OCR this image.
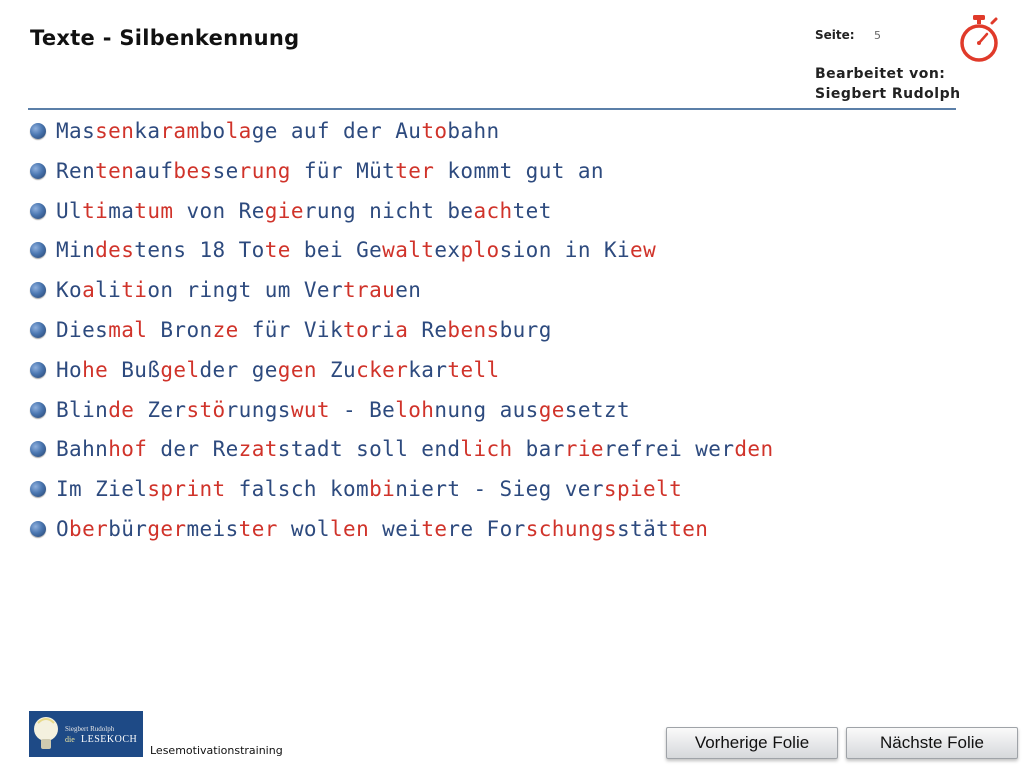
Texte - Silbenkennung	Seite: 5
Bearbeitet von:
Siegbert Rudolph
Massenkarambolage auf der Autobahn
Rentenaufbesserung für Mütter kommt gut an
Ultimatum von Regierung nicht beachtet
Mindestens 18 Tote bei Gewaltexplosion in Kiew
Koalition ringt um Vertrauen
Diesmal Bronze für Viktoria Rebensburg
Hohe Bußgelder gegen Zuckerkartell
Blinde Zerstörungswut - Belohnung ausgesetzt
Bahnhof der Rezatstadt soll endlich barrierefrei werden
Im Zielsprint falsch kombiniert - Sieg verspielt
Oberbürgermeister wollen weitere Forschungsstätten
Siegbert Rudolph
die LESEKOCH
Lesemotivationstraining	Vorherige Folie	Nächste Folie
